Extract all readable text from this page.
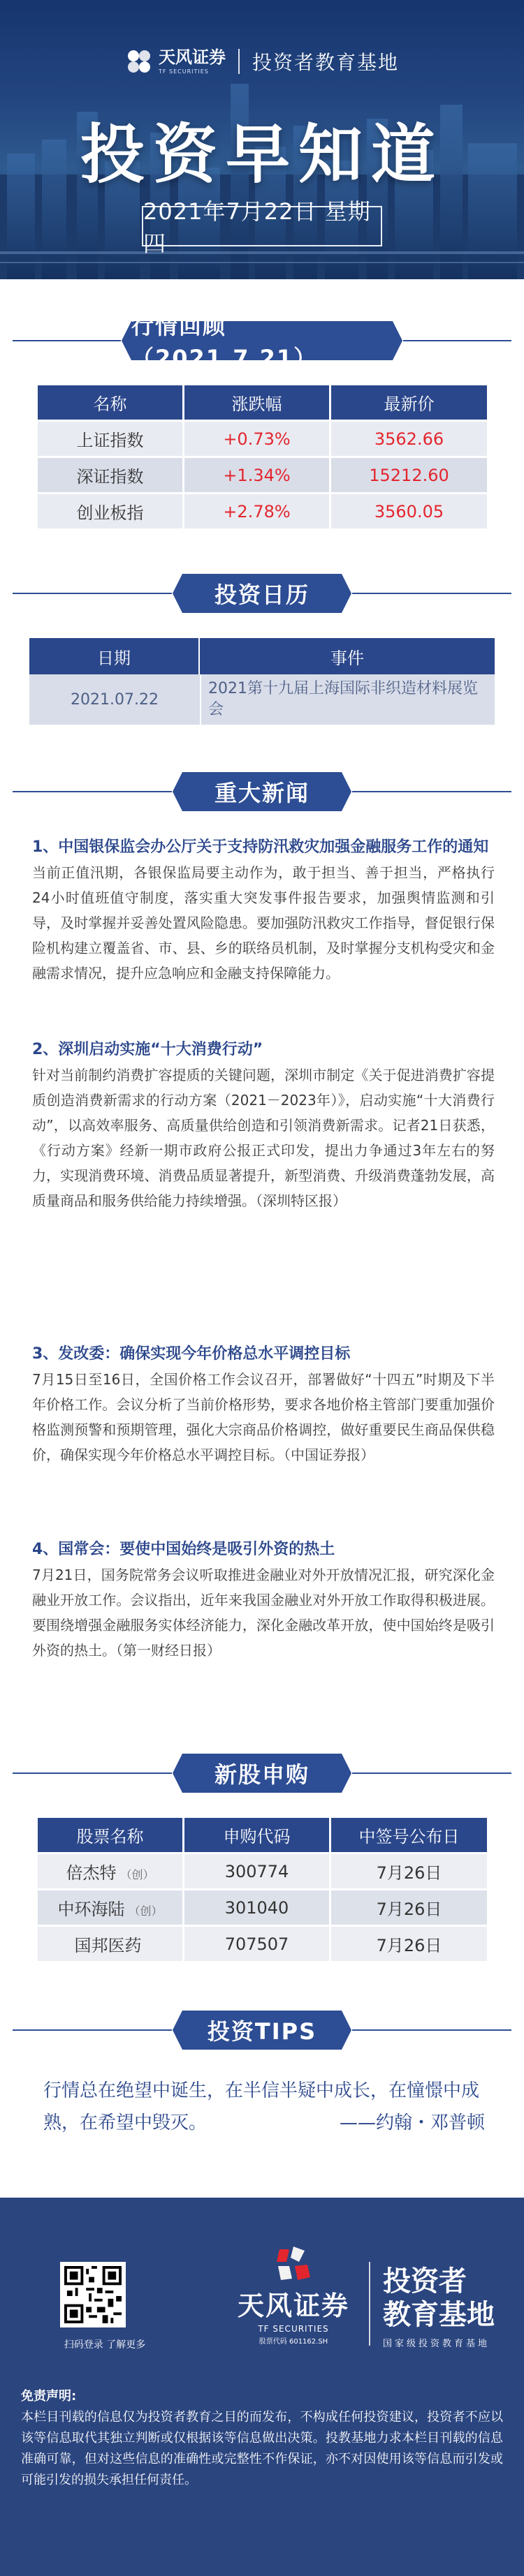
天风证券
TF SECURITIES	投资者教育基地
投资早知道
2021年7月22日 星期四
行情回顾（2021.7.21）
名称	涨跌幅	最新价
上证指数	+0.73%	3562.66
深证指数	+1.34%	15212.60
创业板指	+2.78%	3560.05
投资日历
日期	事件
2021.07.22	2021第十九届上海国际非织造材料展览会
重大新闻
1、中国银保监会办公厅关于支持防汛救灾加强金融服务工作的通知

当前正值汛期，各银保监局要主动作为，敢于担当、善于担当，严格执行24小时值班值守制度，落实重大突发事件报告要求，加强舆情监测和引导，及时掌握并妥善处置风险隐患。要加强防汛救灾工作指导，督促银行保险机构建立覆盖省、市、县、乡的联络员机制，及时掌握分支机构受灾和金融需求情况，提升应急响应和金融支持保障能力。

2、深圳启动实施“十大消费行动”

针对当前制约消费扩容提质的关键问题，深圳市制定《关于促进消费扩容提质创造消费新需求的行动方案（2021－2023年）》，启动实施“十大消费行动”，以高效率服务、高质量供给创造和引领消费新需求。记者21日获悉，《行动方案》经新一期市政府公报正式印发，提出力争通过3年左右的努力，实现消费环境、消费品质显著提升，新型消费、升级消费蓬勃发展，高质量商品和服务供给能力持续增强。（深圳特区报）

3、发改委：确保实现今年价格总水平调控目标

7月15日至16日，全国价格工作会议召开，部署做好“十四五”时期及下半年价格工作。会议分析了当前价格形势，要求各地价格主管部门要重加强价格监测预警和预期管理，强化大宗商品价格调控，做好重要民生商品保供稳价，确保实现今年价格总水平调控目标。（中国证券报）

4、国常会：要使中国始终是吸引外资的热土

7月21日，国务院常务会议听取推进金融业对外开放情况汇报，研究深化金融业开放工作。会议指出，近年来我国金融业对外开放工作取得积极进展。要围绕增强金融服务实体经济能力，深化金融改革开放，使中国始终是吸引外资的热土。（第一财经日报）

新股申购
股票名称	申购代码	中签号公布日
倍杰特 （创）	300774	7月26日
中环海陆 （创）	301040	7月26日
国邦医药	707507	7月26日
投资TIPS
行情总在绝望中诞生，在半信半疑中成长，在憧憬中成熟，在希望中毁灭。	——约翰・邓普顿
扫码登录 了解更多
天风证券
TF SECURITIES
股票代码 601162.SH
投资者
教育基地
国家级投资教育基地
免责声明:
本栏目刊载的信息仅为投资者教育之目的而发布，不构成任何投资建议，投资者不应以该等信息取代其独立判断或仅根据该等信息做出决策。投教基地力求本栏目刊载的信息准确可靠，但对这些信息的准确性或完整性不作保证，亦不对因使用该等信息而引发或可能引发的损失承担任何责任。
